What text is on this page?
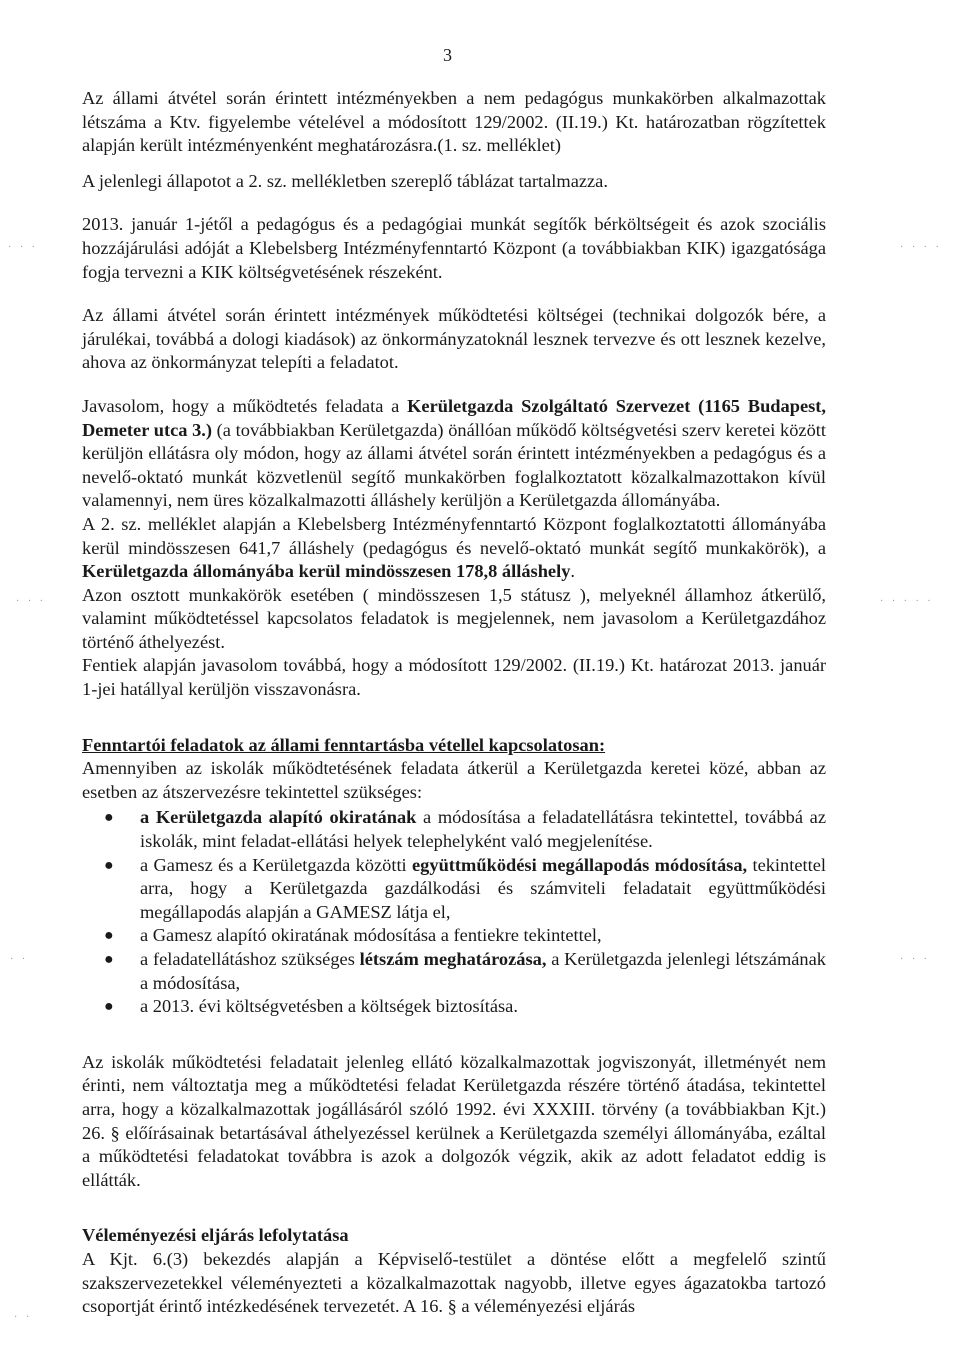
3
· · ·	· · · ·
· · ·	· · · · ·
· ·	· · ·
· ·

Az állami átvétel során érintett intézményekben a nem pedagógus munkakörben alkalmazottak létszáma a Ktv. figyelembe vételével a módosított 129/2002. (II.19.) Kt. határozatban rögzítettek alapján került intézményenként meghatározásra.(1. sz. melléklet)

A jelenlegi állapotot a 2. sz. mellékletben szereplő táblázat tartalmazza.

2013. január 1-jétől a pedagógus és a pedagógiai munkát segítők bérköltségeit és azok szociális hozzájárulási adóját a Klebelsberg Intézményfenntartó Központ (a továbbiakban KIK) igazgatósága fogja tervezni a KIK költségvetésének részeként.

Az állami átvétel során érintett intézmények működtetési költségei (technikai dolgozók bére, a járulékai, továbbá a dologi kiadások) az önkormányzatoknál lesznek tervezve és ott lesznek kezelve, ahova az önkormányzat telepíti a feladatot.

Javasolom, hogy a működtetés feladata a Kerületgazda Szolgáltató Szervezet (1165 Budapest, Demeter utca 3.) (a továbbiakban Kerületgazda) önállóan működő költségvetési szerv keretei között kerüljön ellátásra oly módon, hogy az állami átvétel során érintett intézményekben a pedagógus és a nevelő-oktató munkát közvetlenül segítő munkakörben foglalkoztatott közalkalmazottakon kívül valamennyi, nem üres közalkalmazotti álláshely kerüljön a Kerületgazda állományába.

A 2. sz. melléklet alapján a Klebelsberg Intézményfenntartó Központ foglalkoztatotti állományába kerül mindösszesen 641,7 álláshely (pedagógus és nevelő-oktató munkát segítő munkakörök), a Kerületgazda állományába kerül mindösszesen 178,8 álláshely.

Azon osztott munkakörök esetében ( mindösszesen 1,5 státusz ), melyeknél államhoz átkerülő, valamint működtetéssel kapcsolatos feladatok is megjelennek, nem javasolom a Kerületgazdához történő áthelyezést.

Fentiek alapján javasolom továbbá, hogy a módosított 129/2002. (II.19.) Kt. határozat 2013. január 1-jei hatállyal kerüljön visszavonásra.

Fenntartói feladatok az állami fenntartásba vétellel kapcsolatosan:

Amennyiben az iskolák működtetésének feladata átkerül a Kerületgazda keretei közé, abban az esetben az átszervezésre tekintettel szükséges:

● a Kerületgazda alapító okiratának a módosítása a feladatellátásra tekintettel, továbbá az iskolák, mint feladat-ellátási helyek telephelyként való megjelenítése.
● a Gamesz és a Kerületgazda közötti együttműködési megállapodás módosítása, tekintettel arra, hogy a Kerületgazda gazdálkodási és számviteli feladatait együttműködési megállapodás alapján a GAMESZ látja el,
● a Gamesz alapító okiratának módosítása a fentiekre tekintettel,
● a feladatellátáshoz szükséges létszám meghatározása, a Kerületgazda jelenlegi létszámának a módosítása,
● a 2013. évi költségvetésben a költségek biztosítása.

Az iskolák működtetési feladatait jelenleg ellátó közalkalmazottak jogviszonyát, illetményét nem érinti, nem változtatja meg a működtetési feladat Kerületgazda részére történő átadása, tekintettel arra, hogy a közalkalmazottak jogállásáról szóló 1992. évi XXXIII. törvény (a továbbiakban Kjt.) 26. § előírásainak betartásával áthelyezéssel kerülnek a Kerületgazda személyi állományába, ezáltal a működtetési feladatokat továbbra is azok a dolgozók végzik, akik az adott feladatot eddig is ellátták.

Véleményezési eljárás lefolytatása

A Kjt. 6.(3) bekezdés alapján a Képviselő-testület a döntése előtt a megfelelő szintű szakszervezetekkel véleményezteti a közalkalmazottak nagyobb, illetve egyes ágazatokba tartozó csoportját érintő intézkedésének tervezetét. A 16. § a véleményezési eljárás
